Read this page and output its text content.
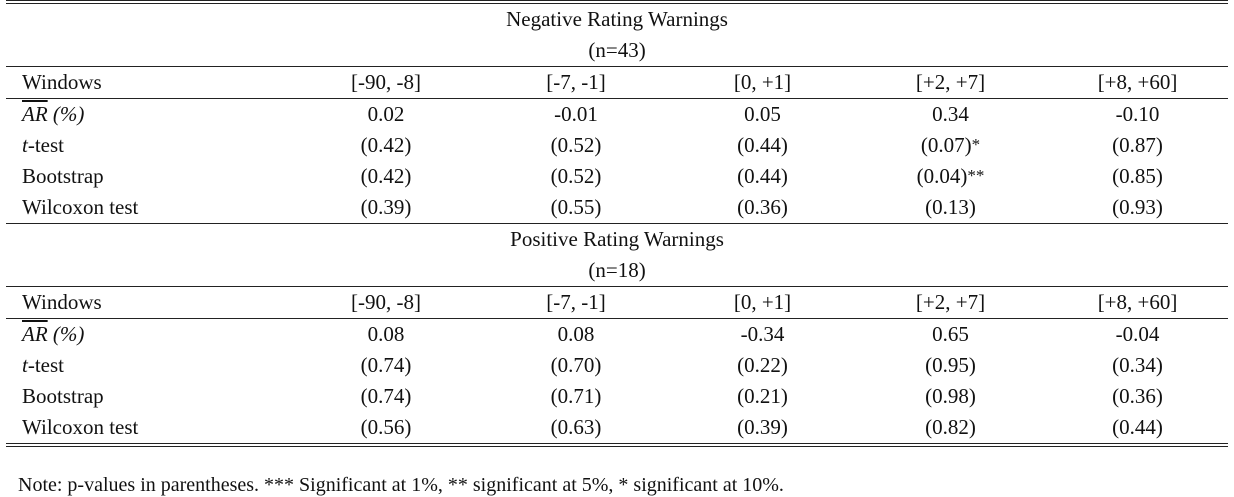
Negative Rating Warnings					
(n=43)					
Windows	[-90, -8]	[-7, -1]	[0, +1]	[+2, +7]	[+8, +60]
$\overline{AR}$ (%)	0.02	-0.01	0.05	0.34	-0.10
t-test	(0.42)	(0.52)	(0.44)	(0.07)*	(0.87)
Bootstrap	(0.42)	(0.52)	(0.44)	(0.04)**	(0.85)
Wilcoxon test	(0.39)	(0.55)	(0.36)	(0.13)	(0.93)
Positive Rating Warnings					
(n=18)					
Windows	[-90, -8]	[-7, -1]	[0, +1]	[+2, +7]	[+8, +60]
$\overline{AR}$ (%)	0.08	0.08	-0.34	0.65	-0.04
t-test	(0.74)	(0.70)	(0.22)	(0.95)	(0.34)
Bootstrap	(0.74)	(0.71)	(0.21)	(0.98)	(0.36)
Wilcoxon test	(0.56)	(0.63)	(0.39)	(0.82)	(0.44)
Note: p-values in parentheses. *** Significant at 1%, ** significant at 5%, * significant at 10%.
